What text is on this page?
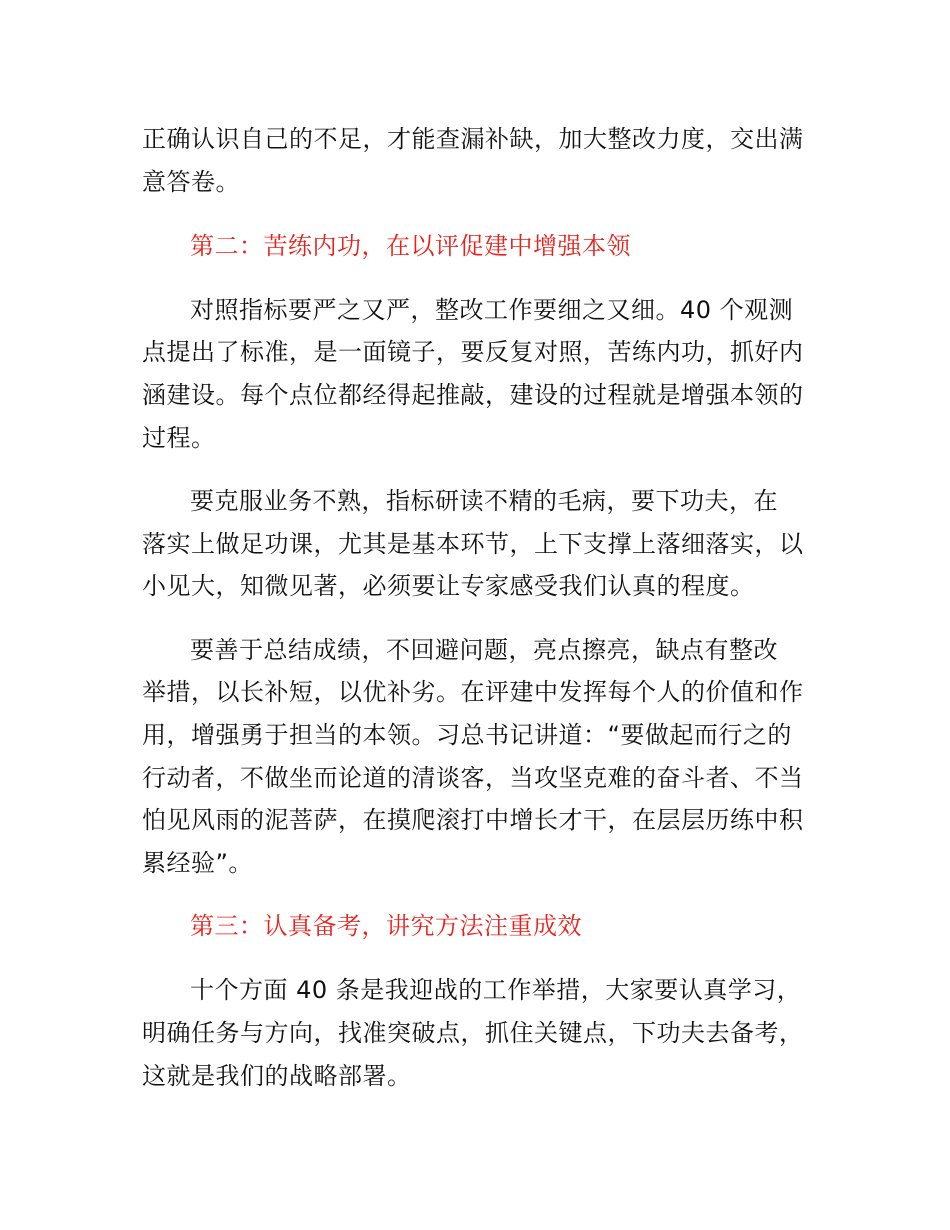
正确认识自己的不足，才能查漏补缺，加大整改力度，交出满
意答卷。
第二：苦练内功，在以评促建中增强本领
对照指标要严之又严，整改工作要细之又细。40 个观测
点提出了标准，是一面镜子，要反复对照，苦练内功，抓好内
涵建设。每个点位都经得起推敲，建设的过程就是增强本领的
过程。
要克服业务不熟，指标研读不精的毛病，要下功夫，在
落实上做足功课，尤其是基本环节，上下支撑上落细落实，以
小见大，知微见著，必须要让专家感受我们认真的程度。
要善于总结成绩，不回避问题，亮点擦亮，缺点有整改
举措，以长补短，以优补劣。在评建中发挥每个人的价值和作
用，增强勇于担当的本领。习总书记讲道：“要做起而行之的
行动者，不做坐而论道的清谈客，当攻坚克难的奋斗者、不当
怕见风雨的泥菩萨，在摸爬滚打中增长才干，在层层历练中积
累经验”。
第三：认真备考，讲究方法注重成效
十个方面 40 条是我迎战的工作举措，大家要认真学习，
明确任务与方向，找准突破点，抓住关键点，下功夫去备考，
这就是我们的战略部署。
